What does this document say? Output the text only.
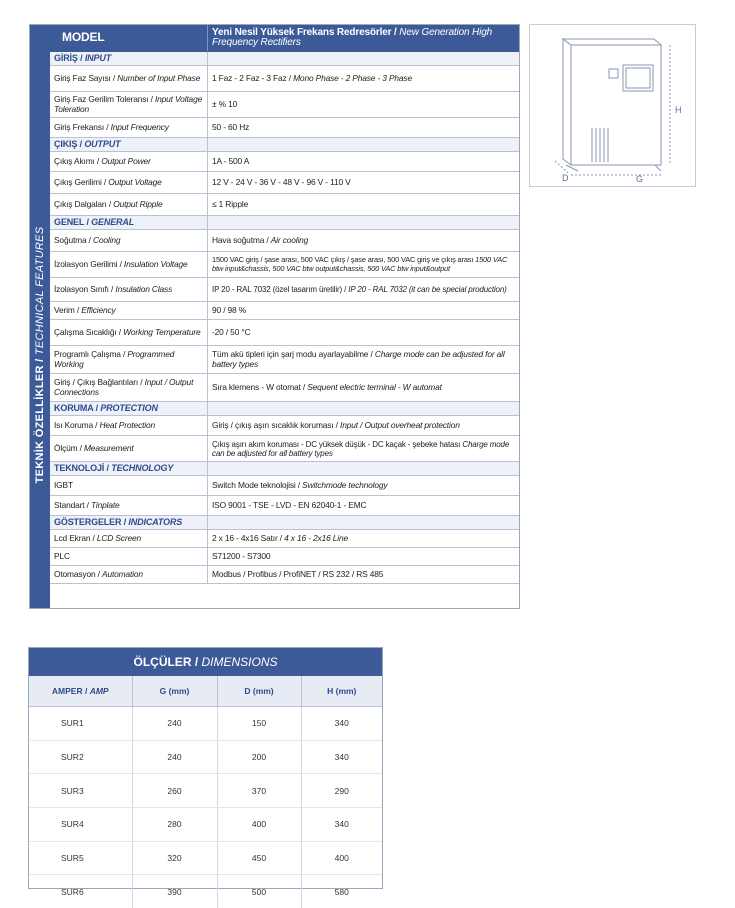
TEKNİK ÖZELLİKLER / TECHNICAL FEATURES
MODEL	Yeni Nesil Yüksek Frekans Redresörler / New Generation High Frequency Rectifiers
GİRİŞ / INPUT	
Giriş Faz Sayısı / Number of Input Phase	1 Faz - 2 Faz - 3 Faz / Mono Phase - 2 Phase - 3 Phase
Giriş Faz Gerilim Toleransı / Input Voltage Toleration	± % 10
Giriş Frekansı / Input Frequency	50 - 60 Hz
ÇIKIŞ / OUTPUT	
Çıkış Akımı / Output Power	1A - 500 A
Çıkış Gerilimi / Output Voltage	12 V - 24 V - 36 V - 48 V - 96 V - 110 V
Çıkış Dalgaları / Output Ripple	≤ 1 Ripple
GENEL / GENERAL	
Soğutma / Cooling	Hava soğutma / Air cooling
İzolasyon Gerilimi / Insulation Voltage	1500 VAC giriş / şase arası, 500 VAC çıkış / şase arası, 500 VAC giriş ve çıkış arası 1500 VAC btw input&chassis, 500 VAC btw output&chassis, 500 VAC btw input&output
İzolasyon Sınıfı / Insulation Class	IP 20 - RAL 7032 (özel tasarım üretilir) / IP 20 - RAL 7032 (it can be special production)
Verim / Efficiency	90 / 98 %
Çalışma Sıcaklığı / Working Temperature	-20 / 50 °C
Programlı Çalışma / Programmed Working	Tüm akü tipleri için şarj modu ayarlayabilme / Charge mode can be adjusted for all battery types
Giriş / Çıkış Bağlantıları / Input / Output Connections	Sıra klemens - W otomat / Sequent electric terminal - W automat
KORUMA / PROTECTION	
Isı Koruma / Heat Protection	Giriş / çıkış aşırı sıcaklık koruması / Input / Output overheat protection
Ölçüm / Measurement	Çıkış aşırı akım koruması - DC yüksek düşük - DC kaçak - şebeke hatası Charge mode can be adjusted for all battery types
TEKNOLOJİ / TECHNOLOGY	
IGBT	Switch Mode teknolojisi / Switchmode technology
Standart / Tinplate	ISO 9001 - TSE - LVD - EN 62040-1 - EMC
GÖSTERGELER / INDICATORS	
Lcd Ekran / LCD Screen	2 x 16 - 4x16 Satır / 4 x 16 - 2x16 Line
PLC	S71200 - S7300
Otomasyon / Automation	Modbus / Profibus / ProfiNET / RS 232 / RS 485
H
D	G
ÖLÇÜLER / DIMENSIONS
AMPER / AMP	G (mm)	D (mm)	H (mm)
SUR1	240	150	340
SUR2	240	200	340
SUR3	260	370	290
SUR4	280	400	340
SUR5	320	450	400
SUR6	390	500	580
